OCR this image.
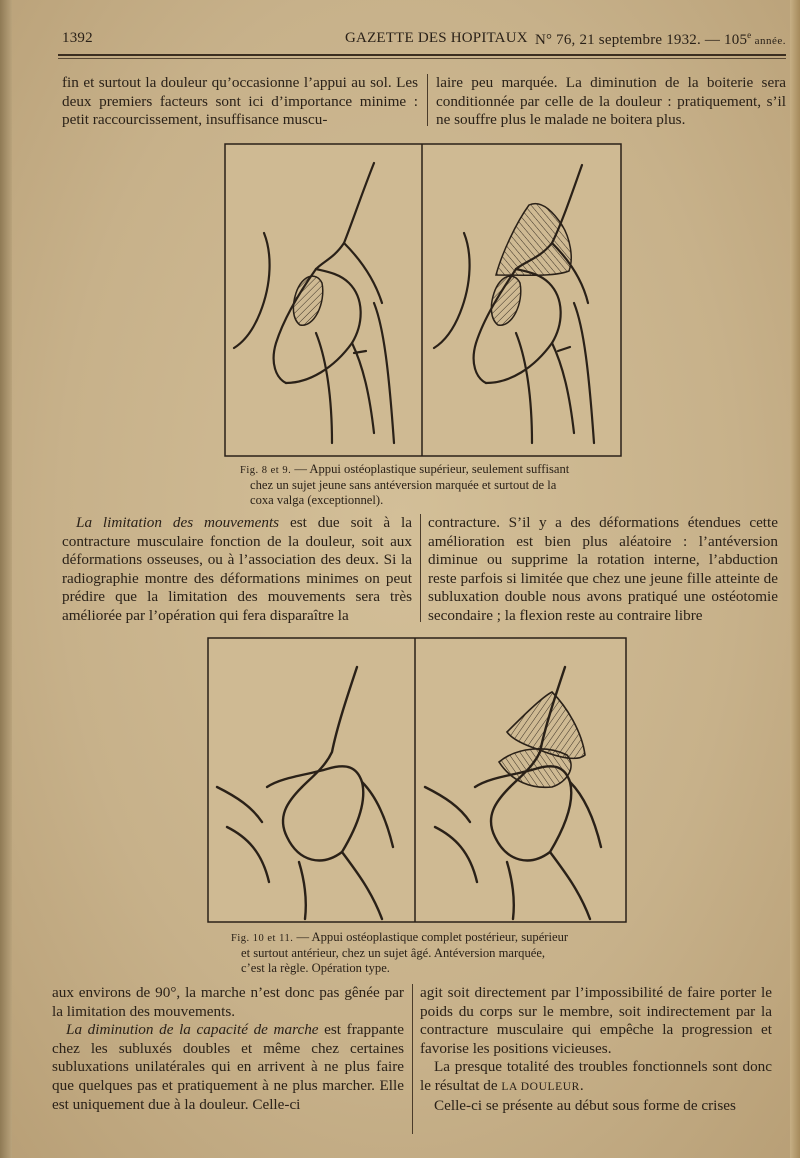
1392	GAZETTE DES HOPITAUX N° 76, 21 septembre 1932. — 105e année.

fin et surtout la douleur qu’occasionne l’appui au sol. Les deux premiers facteurs sont ici d’importance minime : petit raccourcissement, insuffisance muscu-

laire peu marquée. La diminution de la boiterie sera conditionnée par celle de la douleur : pratiquement, s’il ne souffre plus le malade ne boitera plus.

Fig. 8 et 9. — Appui ostéoplastique supérieur, seulement suffisant
chez un sujet jeune sans antéversion marquée et surtout de la
coxa valga (exceptionnel).

La limitation des mouvements est due soit à la contracture musculaire fonction de la douleur, soit aux déformations osseuses, ou à l’association des deux. Si la radiographie montre des déformations minimes on peut prédire que la limitation des mouvements sera très améliorée par l’opération qui fera disparaître la

contracture. S’il y a des déformations étendues cette amélioration est bien plus aléatoire : l’antéversion diminue ou supprime la rotation interne, l’abduction reste parfois si limitée que chez une jeune fille atteinte de subluxation double nous avons pratiqué une ostéotomie secondaire ; la flexion reste au contraire libre

Fig. 10 et 11. — Appui ostéoplastique complet postérieur, supérieur
et surtout antérieur, chez un sujet âgé. Antéversion marquée,
c’est la règle. Opération type.

aux environs de 90°, la marche n’est donc pas gênée par la limitation des mouvements.

La diminution de la capacité de marche est frappante chez les subluxés doubles et même chez certaines subluxations unilatérales qui en arrivent à ne plus faire que quelques pas et pratiquement à ne plus marcher. Elle est uniquement due à la douleur. Celle-ci

agit soit directement par l’impossibilité de faire porter le poids du corps sur le membre, soit indirectement par la contracture musculaire qui empêche la progression et favorise les positions vicieuses.

La presque totalité des troubles fonctionnels sont donc le résultat de LA DOULEUR.

Celle-ci se présente au début sous forme de crises
